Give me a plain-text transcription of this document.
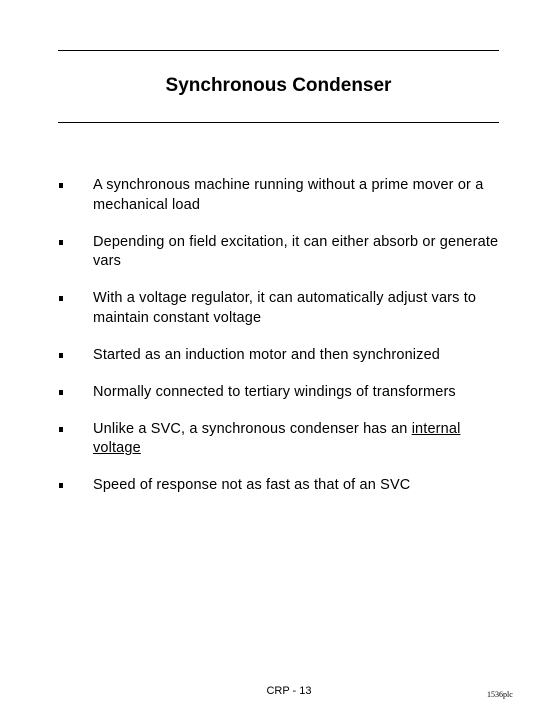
Synchronous Condenser
A synchronous machine running without a prime mover or a mechanical load
Depending on field excitation, it can either absorb or generate vars
With a voltage regulator, it can automatically adjust vars to maintain constant voltage
Started as an induction motor and then synchronized
Normally connected to tertiary windings of transformers
Unlike a SVC, a synchronous condenser has an internal voltage
Speed of response not as fast as that of an SVC

CRP - 13	1536plc
